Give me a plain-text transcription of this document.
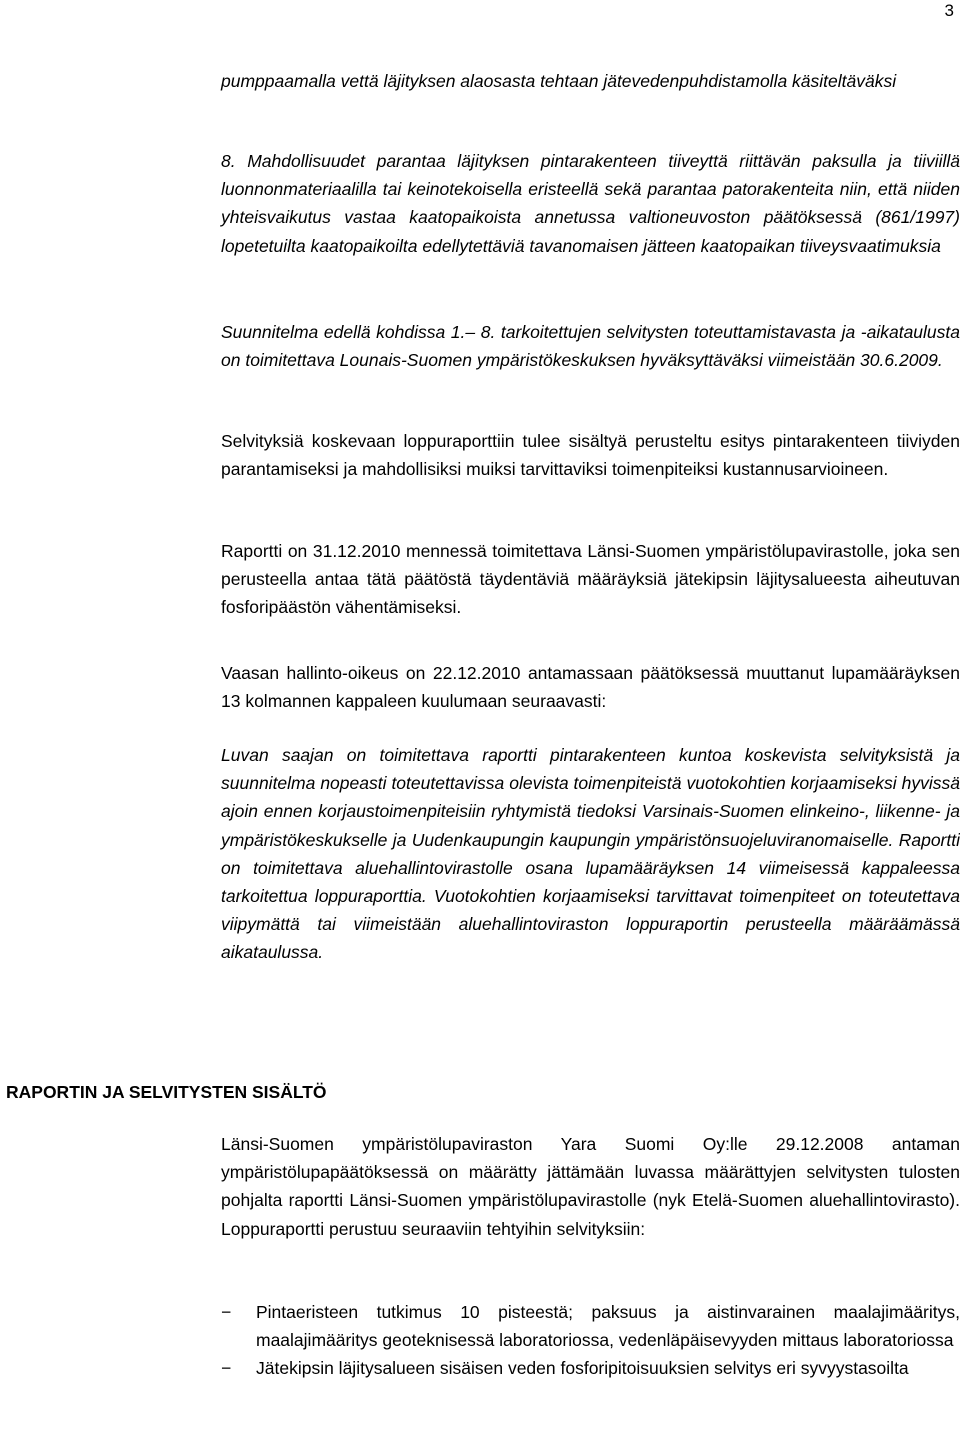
3

pumppaamalla vettä läjityksen alaosasta tehtaan jätevedenpuhdistamolla käsiteltäväksi

8. Mahdollisuudet parantaa läjityksen pintarakenteen tiiveyttä riittävän paksulla ja tiiviillä luonnonmateriaalilla tai keinotekoisella eristeellä sekä parantaa patorakenteita niin, että niiden yhteisvaikutus vastaa kaatopaikoista annetussa valtioneuvoston päätöksessä (861/1997) lopetetuilta kaatopaikoilta edellytettäviä tavanomaisen jätteen kaatopaikan tiiveysvaatimuksia

Suunnitelma edellä kohdissa 1.– 8. tarkoitettujen selvitysten toteuttamistavasta ja -aikataulusta on toimitettava Lounais-Suomen ympäristökeskuksen hyväksyttäväksi viimeistään 30.6.2009.

Selvityksiä koskevaan loppuraporttiin tulee sisältyä perusteltu esitys pintarakenteen tiiviyden parantamiseksi ja mahdollisiksi muiksi tarvittaviksi toimenpiteiksi kustannusarvioineen.

Raportti on 31.12.2010 mennessä toimitettava Länsi-Suomen ympäristölupavirastolle, joka sen perusteella antaa tätä päätöstä täydentäviä määräyksiä jätekipsin läjitysalueesta aiheutuvan fosforipäästön vähentämiseksi.

Vaasan hallinto-oikeus on 22.12.2010 antamassaan päätöksessä muuttanut lupamääräyksen 13 kolmannen kappaleen kuulumaan seuraavasti:

Luvan saajan on toimitettava raportti pintarakenteen kuntoa koskevista selvityksistä ja suunnitelma nopeasti toteutettavissa olevista toimenpiteistä vuotokohtien korjaamiseksi hyvissä ajoin ennen korjaustoimenpiteisiin ryhtymistä tiedoksi Varsinais-Suomen elinkeino-, liikenne- ja ympäristökeskukselle ja Uudenkaupungin kaupungin ympäristönsuojeluviranomaiselle. Raportti on toimitettava aluehallintovirastolle osana lupamääräyksen 14 viimeisessä kappaleessa tarkoitettua loppuraporttia. Vuotokohtien korjaamiseksi tarvittavat toimenpiteet on toteutettava viipymättä tai viimeistään aluehallintoviraston loppuraportin perusteella määräämässä aikataulussa.

RAPORTIN JA SELVITYSTEN SISÄLTÖ

Länsi-Suomen ympäristölupaviraston Yara Suomi Oy:lle 29.12.2008 antaman ympäristölupapäätöksessä on määrätty jättämään luvassa määrättyjen selvitysten tulosten pohjalta raportti Länsi-Suomen ympäristölupavirastolle (nyk Etelä-Suomen aluehallintovirasto). Loppuraportti perustuu seuraaviin tehtyihin selvityksiin:

− Pintaeristeen tutkimus 10 pisteestä; paksuus ja aistinvarainen maalajimääritys, maalajimääritys geoteknisessä laboratoriossa, vedenläpäisevyyden mittaus laboratoriossa
− Jätekipsin läjitysalueen sisäisen veden fosforipitoisuuksien selvitys eri syvyystasoilta
